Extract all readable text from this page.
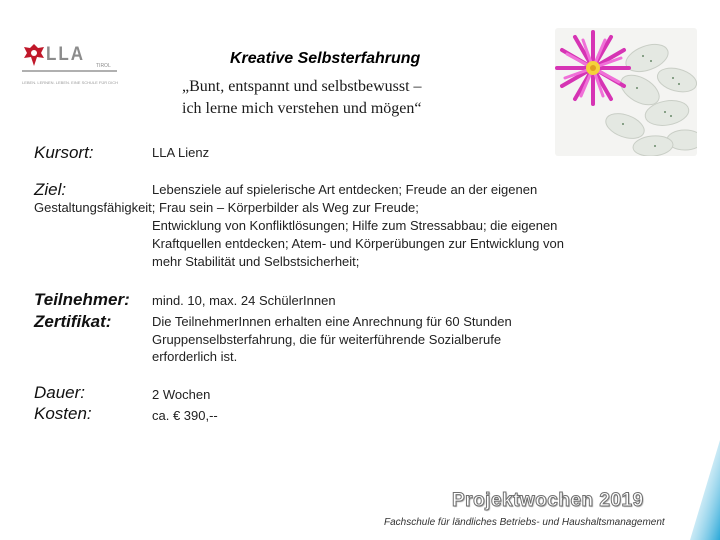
LLA
TIROL
LEBEN. LERNEN. LEBEN. EINE SCHULE FÜR DICH
Kreative Selbsterfahrung
„Bunt, entspannt und selbstbewusst –
ich lerne mich verstehen und mögen“
Kursort:	LLA Lienz
Ziel:	Lebensziele auf spielerische Art entdecken; Freude an der eigenen
Gestaltungsfähigkeit; Frau sein – Körperbilder als Weg zur Freude;
Entwicklung von Konfliktlösungen; Hilfe zum Stressabbau; die eigenen
Kraftquellen entdecken; Atem- und Körperübungen zur Entwicklung von
mehr Stabilität und Selbstsicherheit;
Teilnehmer: mind. 10, max. 24 SchülerInnen
Zertifikat:	Die TeilnehmerInnen erhalten eine Anrechnung für 60 Stunden
Gruppenselbsterfahrung, die für weiterführende Sozialberufe
erforderlich ist.
Dauer:	2 Wochen
Kosten:	ca. € 390,--
Projektwochen 2019
Fachschule für ländliches Betriebs- und Haushaltsmanagement
